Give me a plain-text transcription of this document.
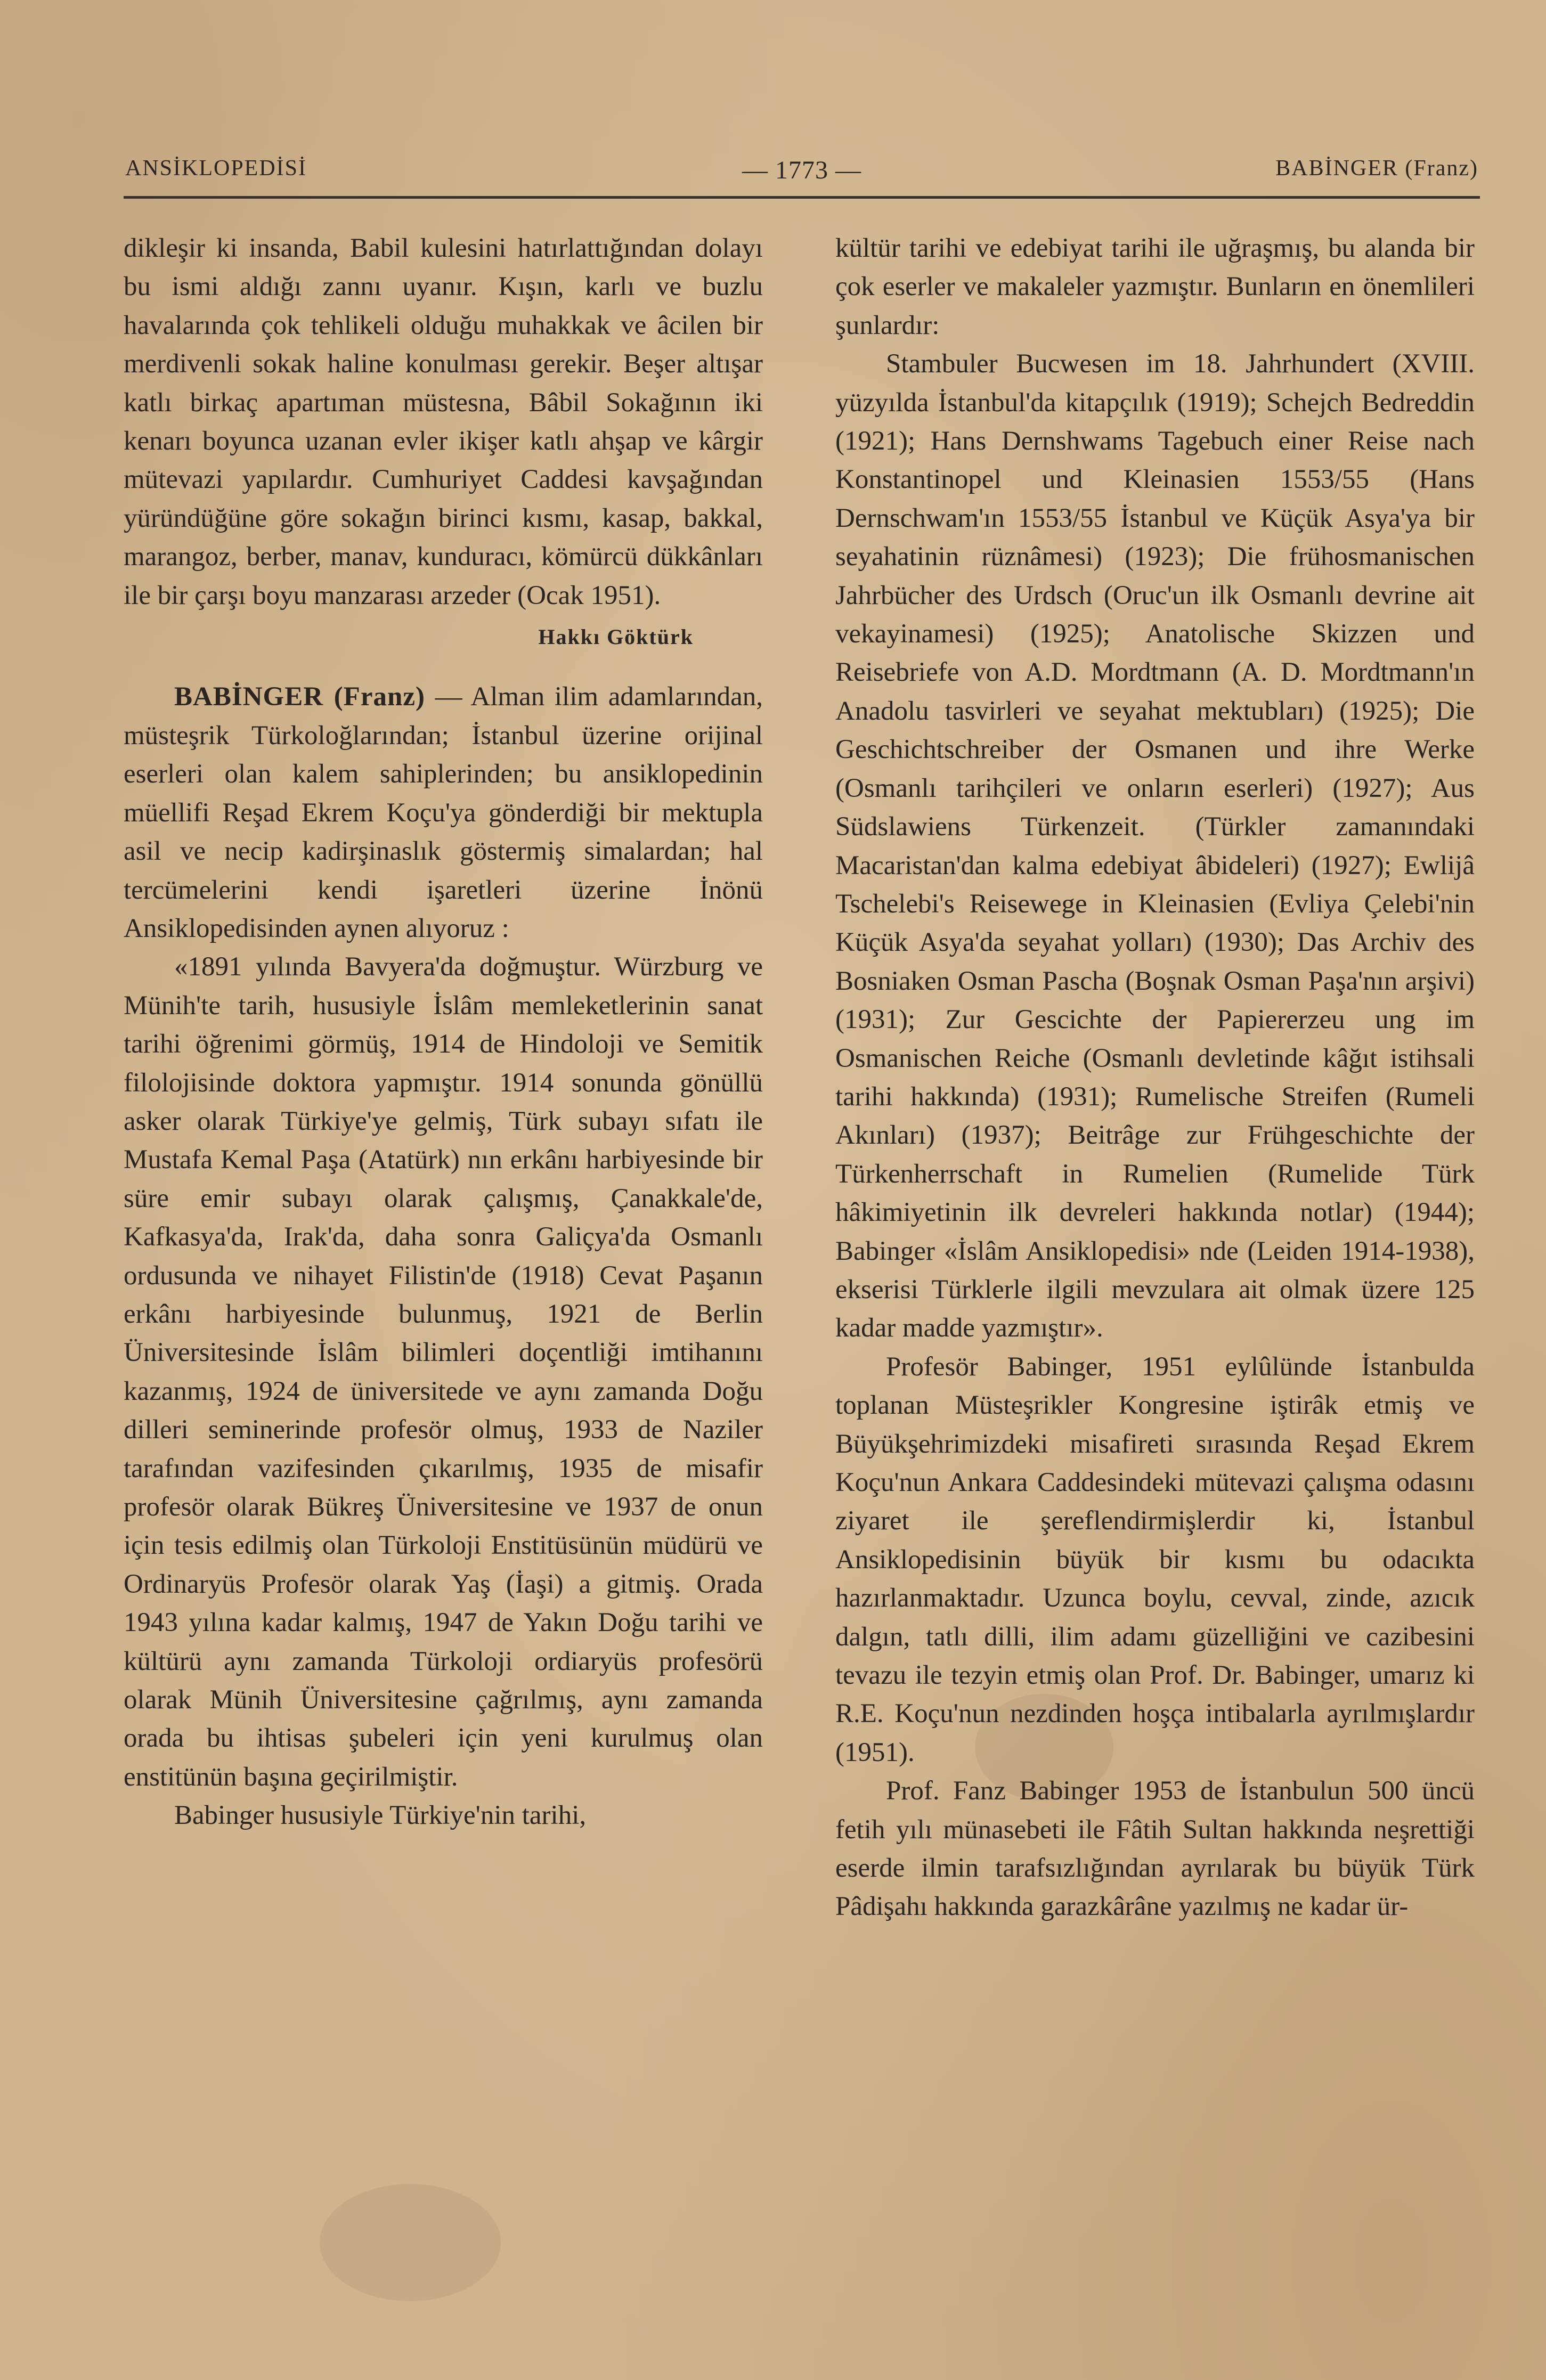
ANSİKLOPEDİSİ	— 1773 —	BABİNGER (Franz)

dikleşir ki insanda, Babil kulesini hatırlattığından dolayı bu ismi aldığı zannı uyanır. Kışın, karlı ve buzlu havalarında çok tehlikeli olduğu muhakkak ve âcilen bir merdivenli sokak haline konulması gerekir. Beşer altışar katlı birkaç apartıman müstesna, Bâbil Sokağının iki kenarı boyunca uzanan evler ikişer katlı ahşap ve kârgir mütevazi yapılardır. Cumhuriyet Caddesi kavşağından yüründüğüne göre sokağın birinci kısmı, kasap, bakkal, marangoz, berber, manav, kunduracı, kömürcü dükkânları ile bir çarşı boyu manzarası arzeder (Ocak 1951).

Hakkı Göktürk

BABİNGER (Franz) — Alman ilim adamlarından, müsteşrik Türkoloğlarından; İstanbul üzerine orijinal eserleri olan kalem sahiplerinden; bu ansiklopedinin müellifi Reşad Ekrem Koçu'ya gönderdiği bir mektupla asil ve necip kadirşinaslık göstermiş simalardan; hal tercümelerini kendi işaretleri üzerine İnönü Ansiklopedisinden aynen alıyoruz :

«1891 yılında Bavyera'da doğmuştur. Würzburg ve Münih'te tarih, hususiyle İslâm memleketlerinin sanat tarihi öğrenimi görmüş, 1914 de Hindoloji ve Semitik filolojisinde doktora yapmıştır. 1914 sonunda gönüllü asker olarak Türkiye'ye gelmiş, Türk subayı sıfatı ile Mustafa Kemal Paşa (Atatürk) nın erkânı harbiyesinde bir süre emir subayı olarak çalışmış, Çanakkale'de, Kafkasya'da, Irak'da, daha sonra Galiçya'da Osmanlı ordusunda ve nihayet Filistin'de (1918) Cevat Paşanın erkânı harbiyesinde bulunmuş, 1921 de Berlin Üniversitesinde İslâm bilimleri doçentliği imtihanını kazanmış, 1924 de üniversitede ve aynı zamanda Doğu dilleri seminerinde profesör olmuş, 1933 de Naziler tarafından vazifesinden çıkarılmış, 1935 de misafir profesör olarak Bükreş Üniversitesine ve 1937 de onun için tesis edilmiş olan Türkoloji Enstitüsünün müdürü ve Ordinaryüs Profesör olarak Yaş (İaşi) a gitmiş. Orada 1943 yılına kadar kalmış, 1947 de Yakın Doğu tarihi ve kültürü aynı zamanda Türkoloji ordiaryüs profesörü olarak Münih Üniversitesine çağrılmış, aynı zamanda orada bu ihtisas şubeleri için yeni kurulmuş olan enstitünün başına geçirilmiştir.

Babinger hususiyle Türkiye'nin tarihi,

kültür tarihi ve edebiyat tarihi ile uğraşmış, bu alanda bir çok eserler ve makaleler yazmıştır. Bunların en önemlileri şunlardır:

Stambuler Bucwesen im 18. Jahrhundert (XVIII. yüzyılda İstanbul'da kitapçılık (1919); Schejch Bedreddin (1921); Hans Dernshwams Tagebuch einer Reise nach Konstantinopel und Kleinasien 1553/55 (Hans Dernschwam'ın 1553/55 İstanbul ve Küçük Asya'ya bir seyahatinin rüznâmesi) (1923); Die frühosmanischen Jahrbücher des Urdsch (Oruc'un ilk Osmanlı devrine ait vekayinamesi) (1925); Anatolische Skizzen und Reisebriefe von A.D. Mordtmann (A. D. Mordtmann'ın Anadolu tasvirleri ve seyahat mektubları) (1925); Die Geschichtschreiber der Osmanen und ihre Werke (Osmanlı tarihçileri ve onların eserleri) (1927); Aus Südslawiens Türkenzeit. (Türkler zamanındaki Macaristan'dan kalma edebiyat âbideleri) (1927); Ewlijâ Tschelebi's Reisewege in Kleinasien (Evliya Çelebi'nin Küçük Asya'da seyahat yolları) (1930); Das Archiv des Bosniaken Osman Pascha (Boşnak Osman Paşa'nın arşivi) (1931); Zur Gescichte der Papiererzeu ung im Osmanischen Reiche (Osmanlı devletinde kâğıt istihsali tarihi hakkında) (1931); Rumelische Streifen (Rumeli Akınları) (1937); Beitrâge zur Frühgeschichte der Türkenherrschaft in Rumelien (Rumelide Türk hâkimiyetinin ilk devreleri hakkında notlar) (1944); Babinger «İslâm Ansiklopedisi» nde (Leiden 1914-1938), ekserisi Türklerle ilgili mevzulara ait olmak üzere 125 kadar madde yazmıştır».

Profesör Babinger, 1951 eylûlünde İstanbulda toplanan Müsteşrikler Kongresine iştirâk etmiş ve Büyükşehrimizdeki misafireti sırasında Reşad Ekrem Koçu'nun Ankara Caddesindeki mütevazi çalışma odasını ziyaret ile şereflendirmişlerdir ki, İstanbul Ansiklopedisinin büyük bir kısmı bu odacıkta hazırlanmaktadır. Uzunca boylu, cevval, zinde, azıcık dalgın, tatlı dilli, ilim adamı güzelliğini ve cazibesini tevazu ile tezyin etmiş olan Prof. Dr. Babinger, umarız ki R.E. Koçu'nun nezdinden hoşça intibalarla ayrılmışlardır (1951).

Prof. Fanz Babinger 1953 de İstanbulun 500 üncü fetih yılı münasebeti ile Fâtih Sultan hakkında neşrettiği eserde ilmin tarafsızlığından ayrılarak bu büyük Türk Pâdişahı hakkında garazkârâne yazılmış ne kadar ür-
